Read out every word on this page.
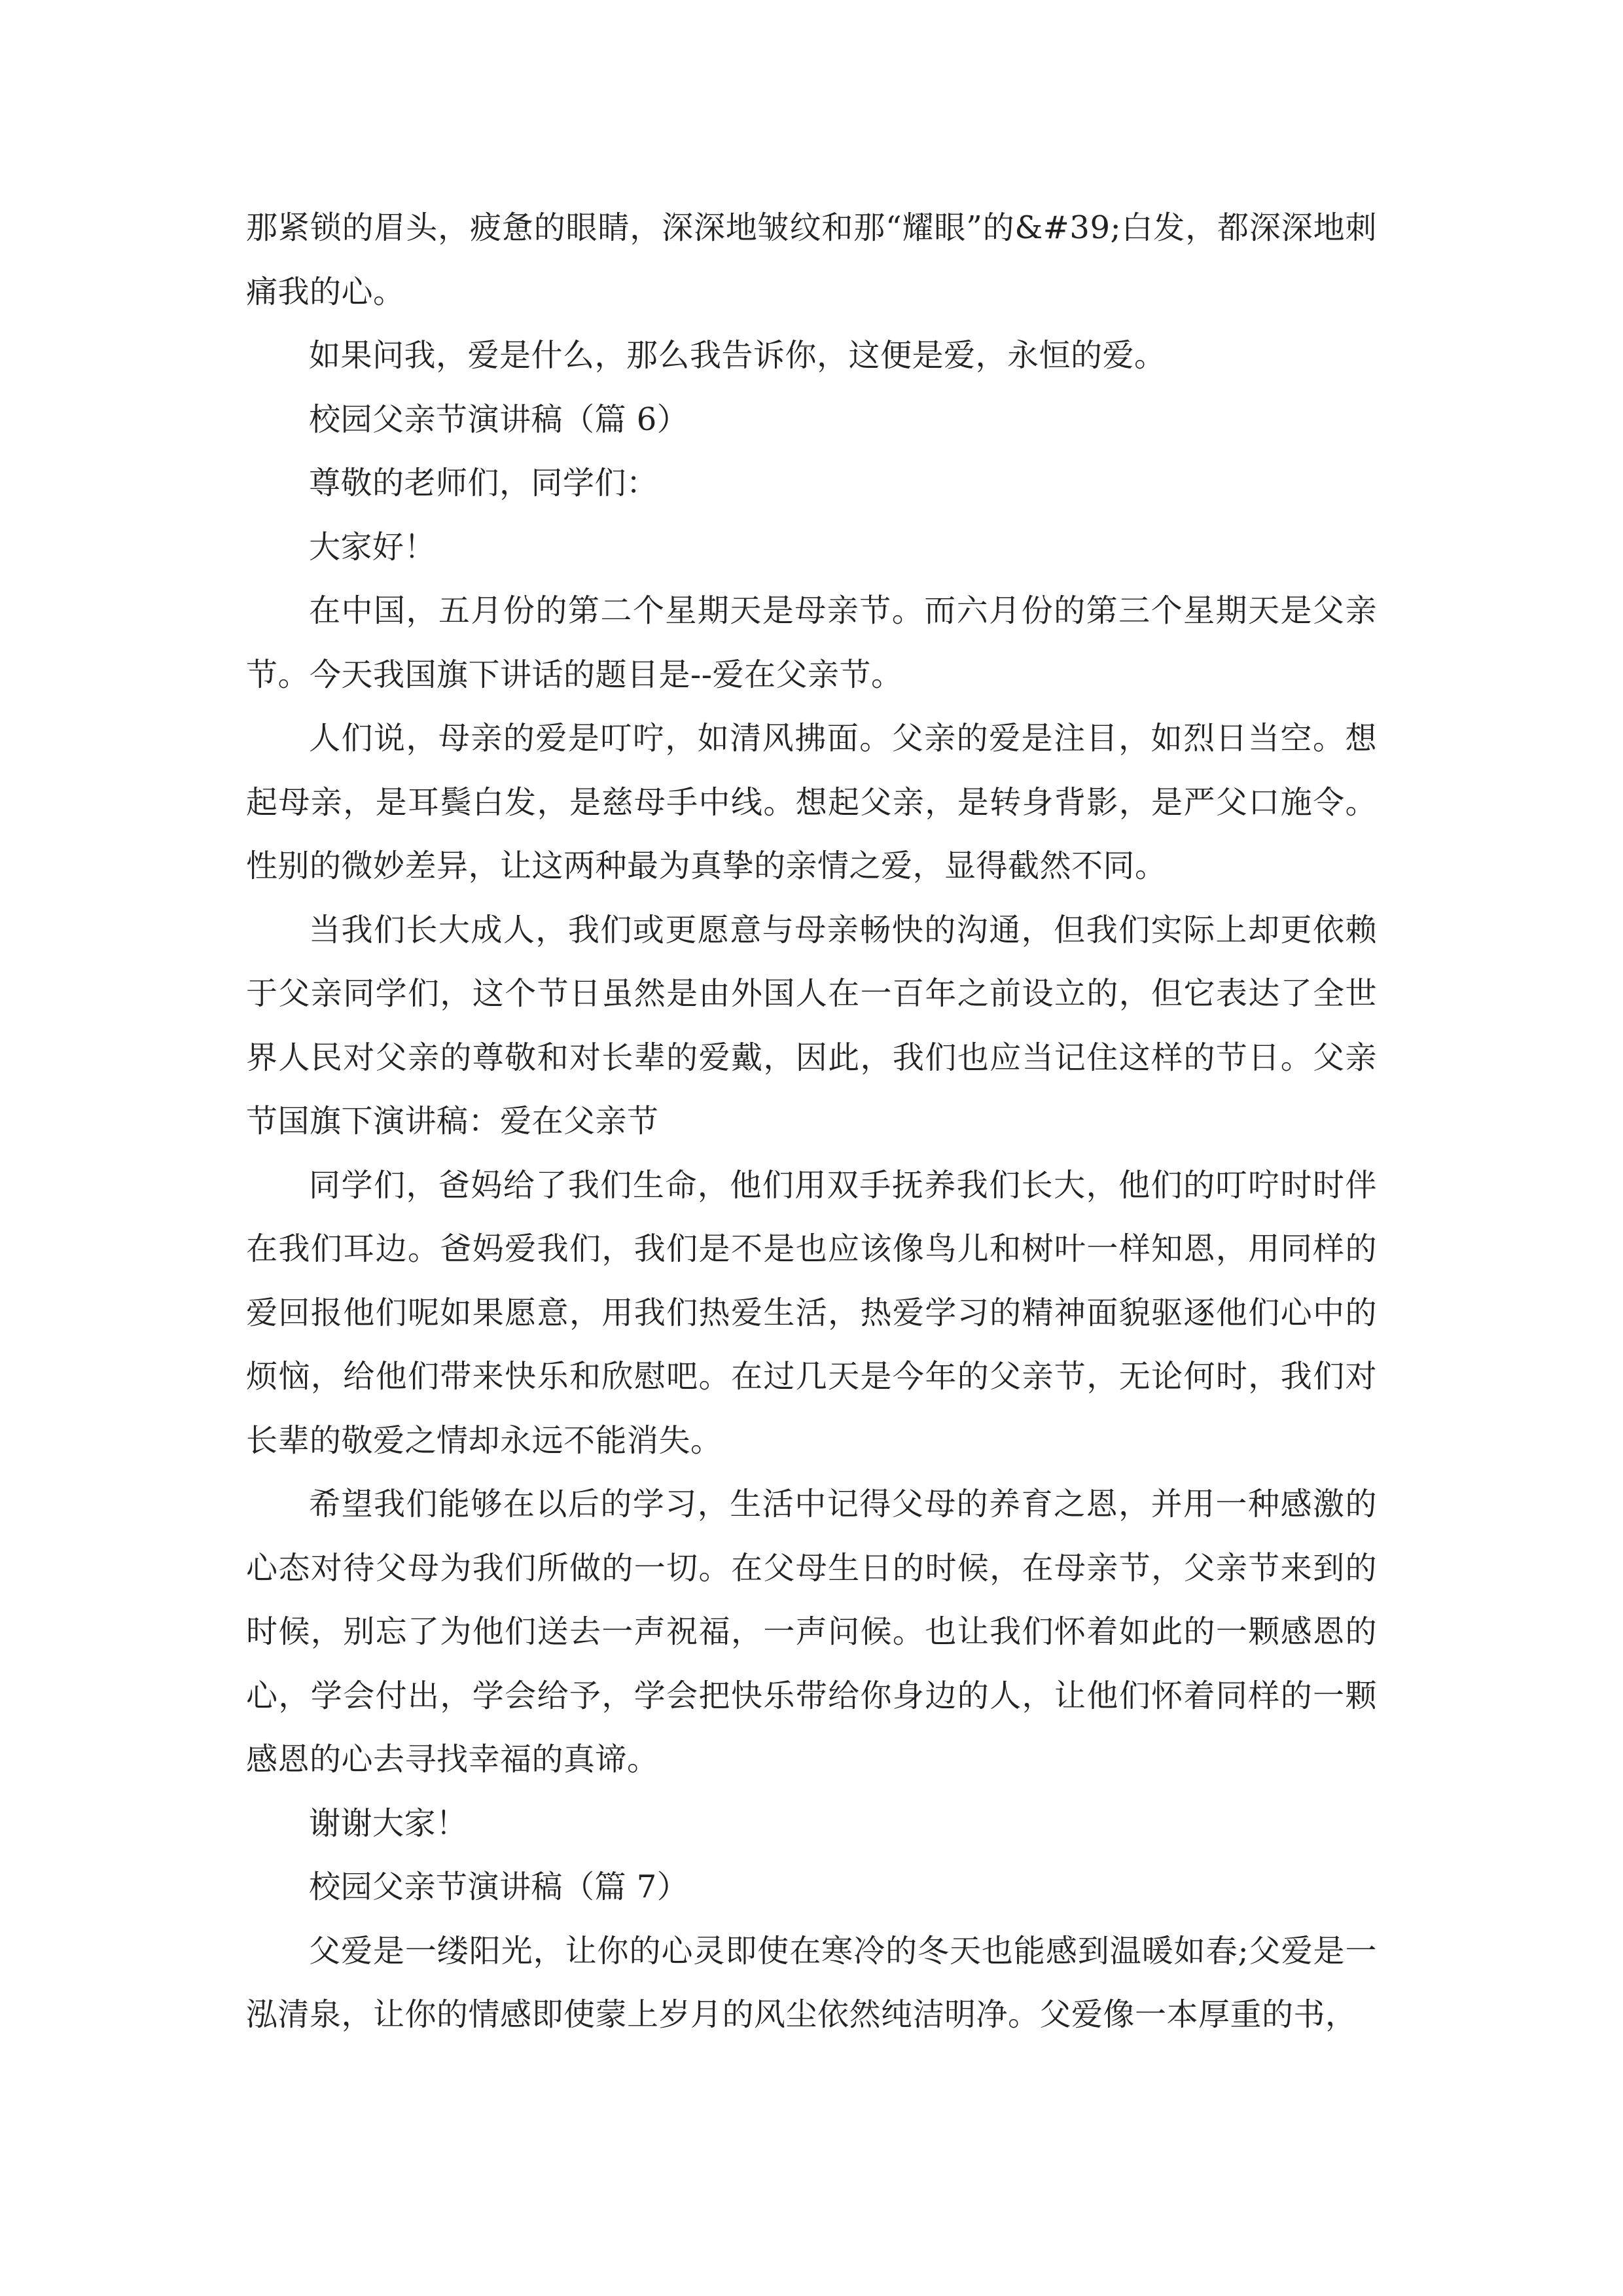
那紧锁的眉头，疲惫的眼睛，深深地皱纹和那“耀眼”的&#39;白发，都深深地刺痛我的心。

如果问我，爱是什么，那么我告诉你，这便是爱，永恒的爱。

校园父亲节演讲稿（篇 6）

尊敬的老师们，同学们：

大家好！

在中国，五月份的第二个星期天是母亲节。而六月份的第三个星期天是父亲节。今天我国旗下讲话的题目是--爱在父亲节。

人们说，母亲的爱是叮咛，如清风拂面。父亲的爱是注目，如烈日当空。想起母亲，是耳鬓白发，是慈母手中线。想起父亲，是转身背影，是严父口施令。性别的微妙差异，让这两种最为真挚的亲情之爱，显得截然不同。

当我们长大成人，我们或更愿意与母亲畅快的沟通，但我们实际上却更依赖于父亲同学们，这个节日虽然是由外国人在一百年之前设立的，但它表达了全世界人民对父亲的尊敬和对长辈的爱戴，因此，我们也应当记住这样的节日。父亲节国旗下演讲稿：爱在父亲节

同学们，爸妈给了我们生命，他们用双手抚养我们长大，他们的叮咛时时伴在我们耳边。爸妈爱我们，我们是不是也应该像鸟儿和树叶一样知恩，用同样的爱回报他们呢如果愿意，用我们热爱生活，热爱学习的精神面貌驱逐他们心中的烦恼，给他们带来快乐和欣慰吧。在过几天是今年的父亲节，无论何时，我们对长辈的敬爱之情却永远不能消失。

希望我们能够在以后的学习，生活中记得父母的养育之恩，并用一种感激的心态对待父母为我们所做的一切。在父母生日的时候，在母亲节，父亲节来到的时候，别忘了为他们送去一声祝福，一声问候。也让我们怀着如此的一颗感恩的心，学会付出，学会给予，学会把快乐带给你身边的人，让他们怀着同样的一颗感恩的心去寻找幸福的真谛。

谢谢大家！

校园父亲节演讲稿（篇 7）

父爱是一缕阳光，让你的心灵即使在寒冷的冬天也能感到温暖如春;父爱是一泓清泉，让你的情感即使蒙上岁月的风尘依然纯洁明净。父爱像一本厚重的书，
